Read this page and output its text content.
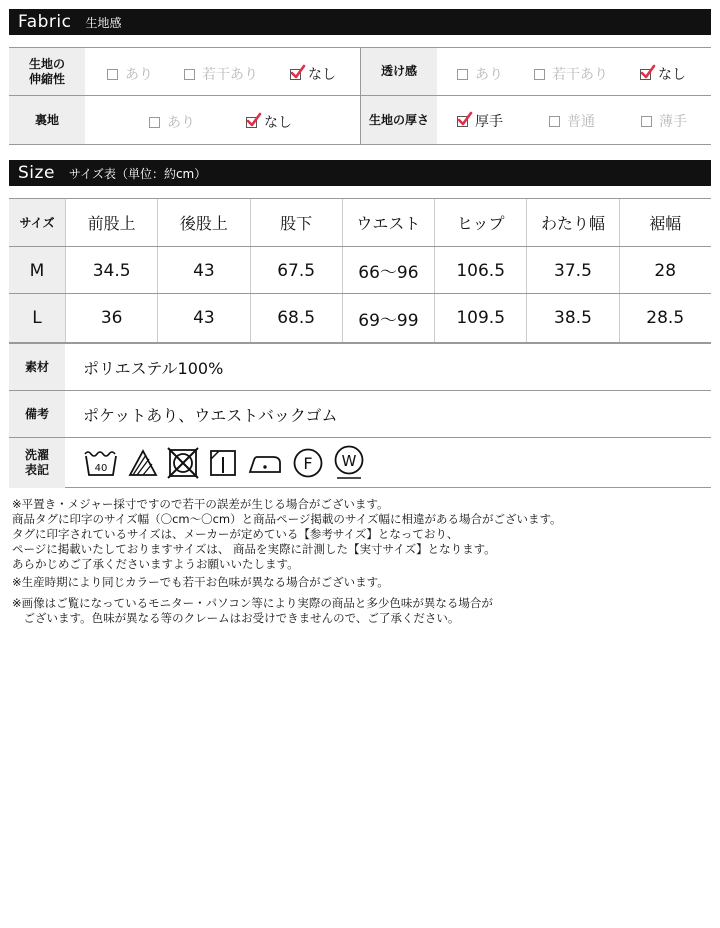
Fabric 生地感
生地の
伸縮性	あり	若干あり	なし	透け感	あり	若干あり	なし
裏地	あり	なし	生地の厚さ	厚手	普通	薄手
Size サイズ表（単位：約cm）
サイズ	前股上	後股上	股下	ウエスト	ヒップ	わたり幅	裾幅
M	34.5	43	67.5	66〜96	106.5	37.5	28
L	36	43	68.5	69〜99	109.5	38.5	28.5
素材	ポリエステル100%
備考	ポケットあり、ウエストバックゴム
洗濯
表記	40	F W
※平置き・メジャー採寸ですので若干の誤差が生じる場合がございます。
商品タグに印字のサイズ幅（〇cm〜〇cm）と商品ページ掲載のサイズ幅に相違がある場合がございます。
タグに印字されているサイズは、メーカーが定めている【参考サイズ】となっており、
ページに掲載いたしておりますサイズは、 商品を実際に計測した【実寸サイズ】となります。
あらかじめご了承くださいますようお願いいたします。
※生産時期により同じカラーでも若干お色味が異なる場合がございます。
※画像はご覧になっているモニター・パソコン等により実際の商品と多少色味が異なる場合が
　ございます。色味が異なる等のクレームはお受けできませんので、ご了承ください。
